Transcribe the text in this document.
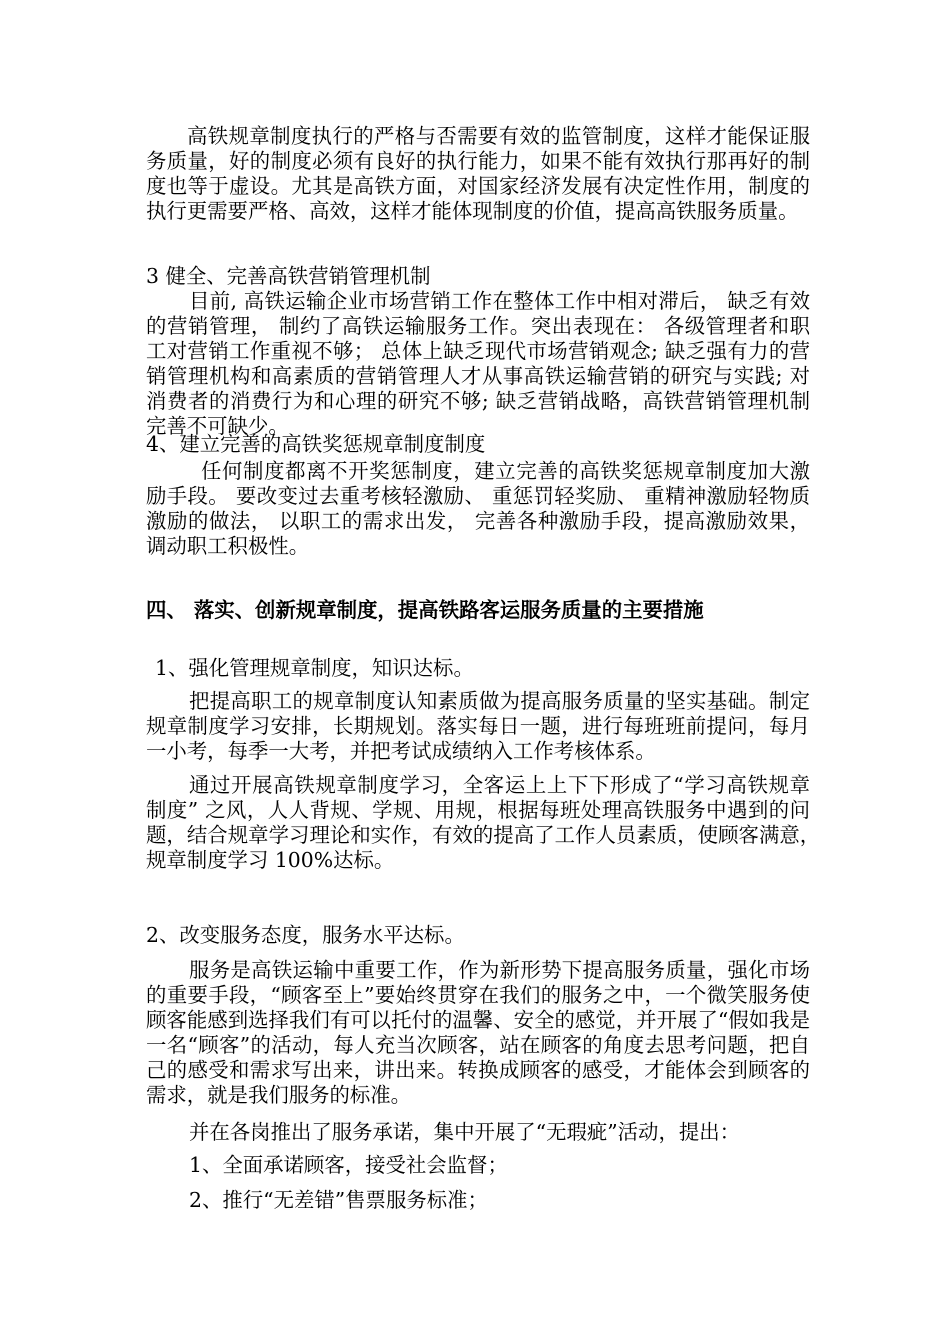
高铁规章制度执行的严格与否需要有效的监管制度，这样才能保证服务质量，好的制度必须有良好的执行能力，如果不能有效执行那再好的制度也等于虚设。尤其是高铁方面，对国家经济发展有决定性作用，制度的执行更需要严格、高效，这样才能体现制度的价值，提高高铁服务质量。

3 健全、完善高铁营销管理机制

目前, 高铁运输企业市场营销工作在整体工作中相对滞后， 缺乏有效的营销管理， 制约了高铁运输服务工作。突出表现在： 各级管理者和职工对营销工作重视不够； 总体上缺乏现代市场营销观念; 缺乏强有力的营销管理机构和高素质的营销管理人才从事高铁运输营销的研究与实践; 对消费者的消费行为和心理的研究不够; 缺乏营销战略，高铁营销管理机制完善不可缺少。

4、建立完善的高铁奖惩规章制度制度

任何制度都离不开奖惩制度，建立完善的高铁奖惩规章制度加大激励手段。 要改变过去重考核轻激励、 重惩罚轻奖励、 重精神激励轻物质激励的做法， 以职工的需求出发， 完善各种激励手段，提高激励效果， 调动职工积极性。

四、 落实、创新规章制度，提高铁路客运服务质量的主要措施

1、强化管理规章制度，知识达标。

把提高职工的规章制度认知素质做为提高服务质量的坚实基础。制定规章制度学习安排，长期规划。落实每日一题，进行每班班前提问，每月一小考，每季一大考，并把考试成绩纳入工作考核体系。

通过开展高铁规章制度学习，全客运上上下下形成了“学习高铁规章制度” 之风，人人背规、学规、用规，根据每班处理高铁服务中遇到的问题，结合规章学习理论和实作，有效的提高了工作人员素质，使顾客满意，　 规章制度学习 100%达标。

2、改变服务态度，服务水平达标。

服务是高铁运输中重要工作，作为新形势下提高服务质量，强化市场的重要手段，“顾客至上”要始终贯穿在我们的服务之中，一个微笑服务使顾客能感到选择我们有可以托付的温馨、安全的感觉，并开展了“假如我是一名“顾客”的活动，每人充当次顾客，站在顾客的角度去思考问题，把自己的感受和需求写出来，讲出来。转换成顾客的感受，才能体会到顾客的需求，就是我们服务的标准。

并在各岗推出了服务承诺，集中开展了“无瑕疵”活动，提出：

1、全面承诺顾客，接受社会监督；

2、推行“无差错”售票服务标准；
